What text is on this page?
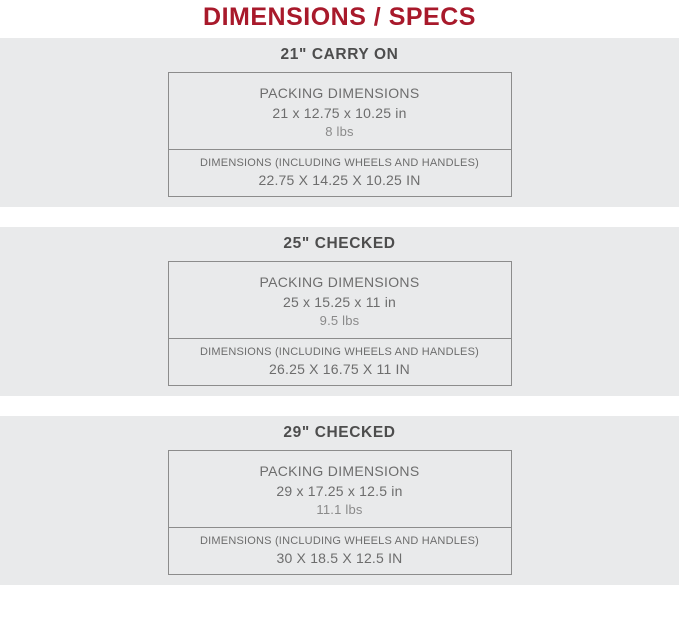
DIMENSIONS / SPECS
21" CARRY ON
PACKING DIMENSIONS
21 x 12.75 x 10.25 in
8 lbs
DIMENSIONS (INCLUDING WHEELS AND HANDLES)
22.75 X 14.25 X 10.25 IN
25" CHECKED
PACKING DIMENSIONS
25 x 15.25 x 11 in
9.5 lbs
DIMENSIONS (INCLUDING WHEELS AND HANDLES)
26.25 X 16.75 X 11 IN
29" CHECKED
PACKING DIMENSIONS
29 x 17.25 x 12.5 in
11.1 lbs
DIMENSIONS (INCLUDING WHEELS AND HANDLES)
30 X 18.5 X 12.5 IN
